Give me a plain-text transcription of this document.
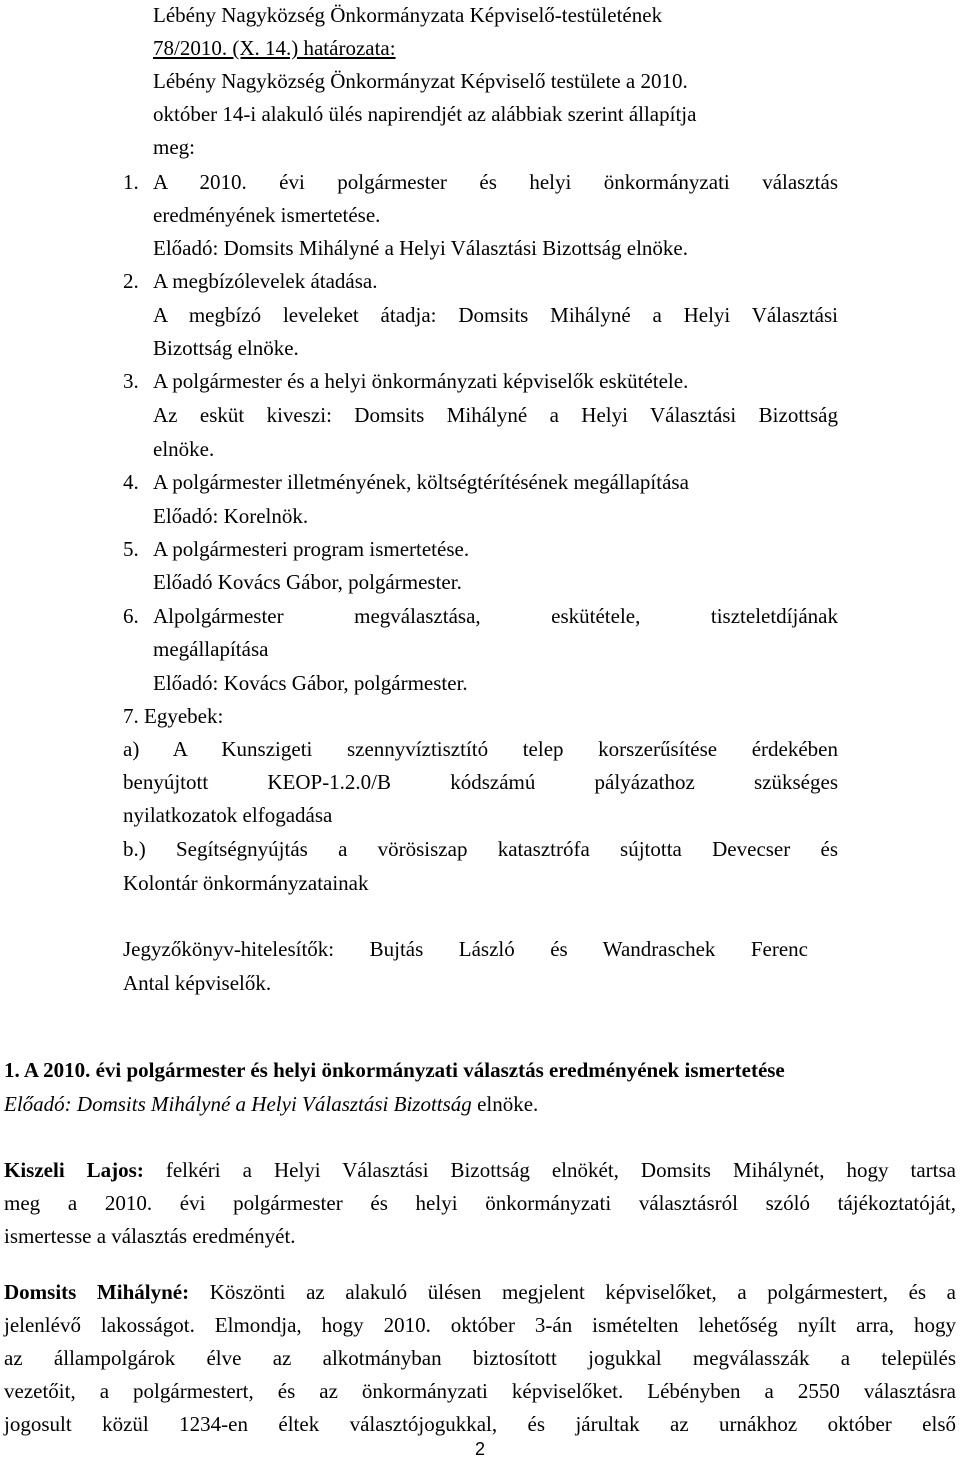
Lébény Nagyközség Önkormányzata Képviselő-testületének
78/2010. (X. 14.) határozata:
Lébény Nagyközség Önkormányzat Képviselő testülete a 2010.
október 14-i alakuló ülés napirendjét az alábbiak szerint állapítja
meg:
1. A 2010. évi polgármester és helyi önkormányzati választás
eredményének ismertetése.
Előadó: Domsits Mihályné a Helyi Választási Bizottság elnöke.
2. A megbízólevelek átadása.
A megbízó leveleket átadja: Domsits Mihályné a Helyi Választási
Bizottság elnöke.
3. A polgármester és a helyi önkormányzati képviselők eskütétele.
Az esküt kiveszi: Domsits Mihályné a Helyi Választási Bizottság
elnöke.
4. A polgármester illetményének, költségtérítésének megállapítása
Előadó: Korelnök.
5. A polgármesteri program ismertetése.
Előadó Kovács Gábor, polgármester.
6. Alpolgármester megválasztása, eskütétele, tiszteletdíjának
megállapítása
Előadó: Kovács Gábor, polgármester.
7. Egyebek:
a) A Kunszigeti szennyvíztisztító telep korszerűsítése érdekében
benyújtott KEOP-1.2.0/B kódszámú pályázathoz szükséges
nyilatkozatok elfogadása
b.) Segítségnyújtás a vörösiszap katasztrófa sújtotta Devecser és
Kolontár önkormányzatainak
Jegyzőkönyv-hitelesítők: Bujtás László és Wandraschek Ferenc
Antal képviselők.
1. A 2010. évi polgármester és helyi önkormányzati választás eredményének ismertetése
Előadó: Domsits Mihályné a Helyi Választási Bizottság elnöke.
Kiszeli Lajos: felkéri a Helyi Választási Bizottság elnökét, Domsits Mihálynét, hogy tartsa
meg a 2010. évi polgármester és helyi önkormányzati választásról szóló tájékoztatóját,
ismertesse a választás eredményét.
Domsits Mihályné: Köszönti az alakuló ülésen megjelent képviselőket, a polgármestert, és a
jelenlévő lakosságot. Elmondja, hogy 2010. október 3-án ismételten lehetőség nyílt arra, hogy
az állampolgárok élve az alkotmányban biztosított jogukkal megválasszák a település
vezetőit, a polgármestert, és az önkormányzati képviselőket. Lébényben a 2550 választásra
jogosult közül 1234-en éltek választójogukkal, és járultak az urnákhoz október első
2
